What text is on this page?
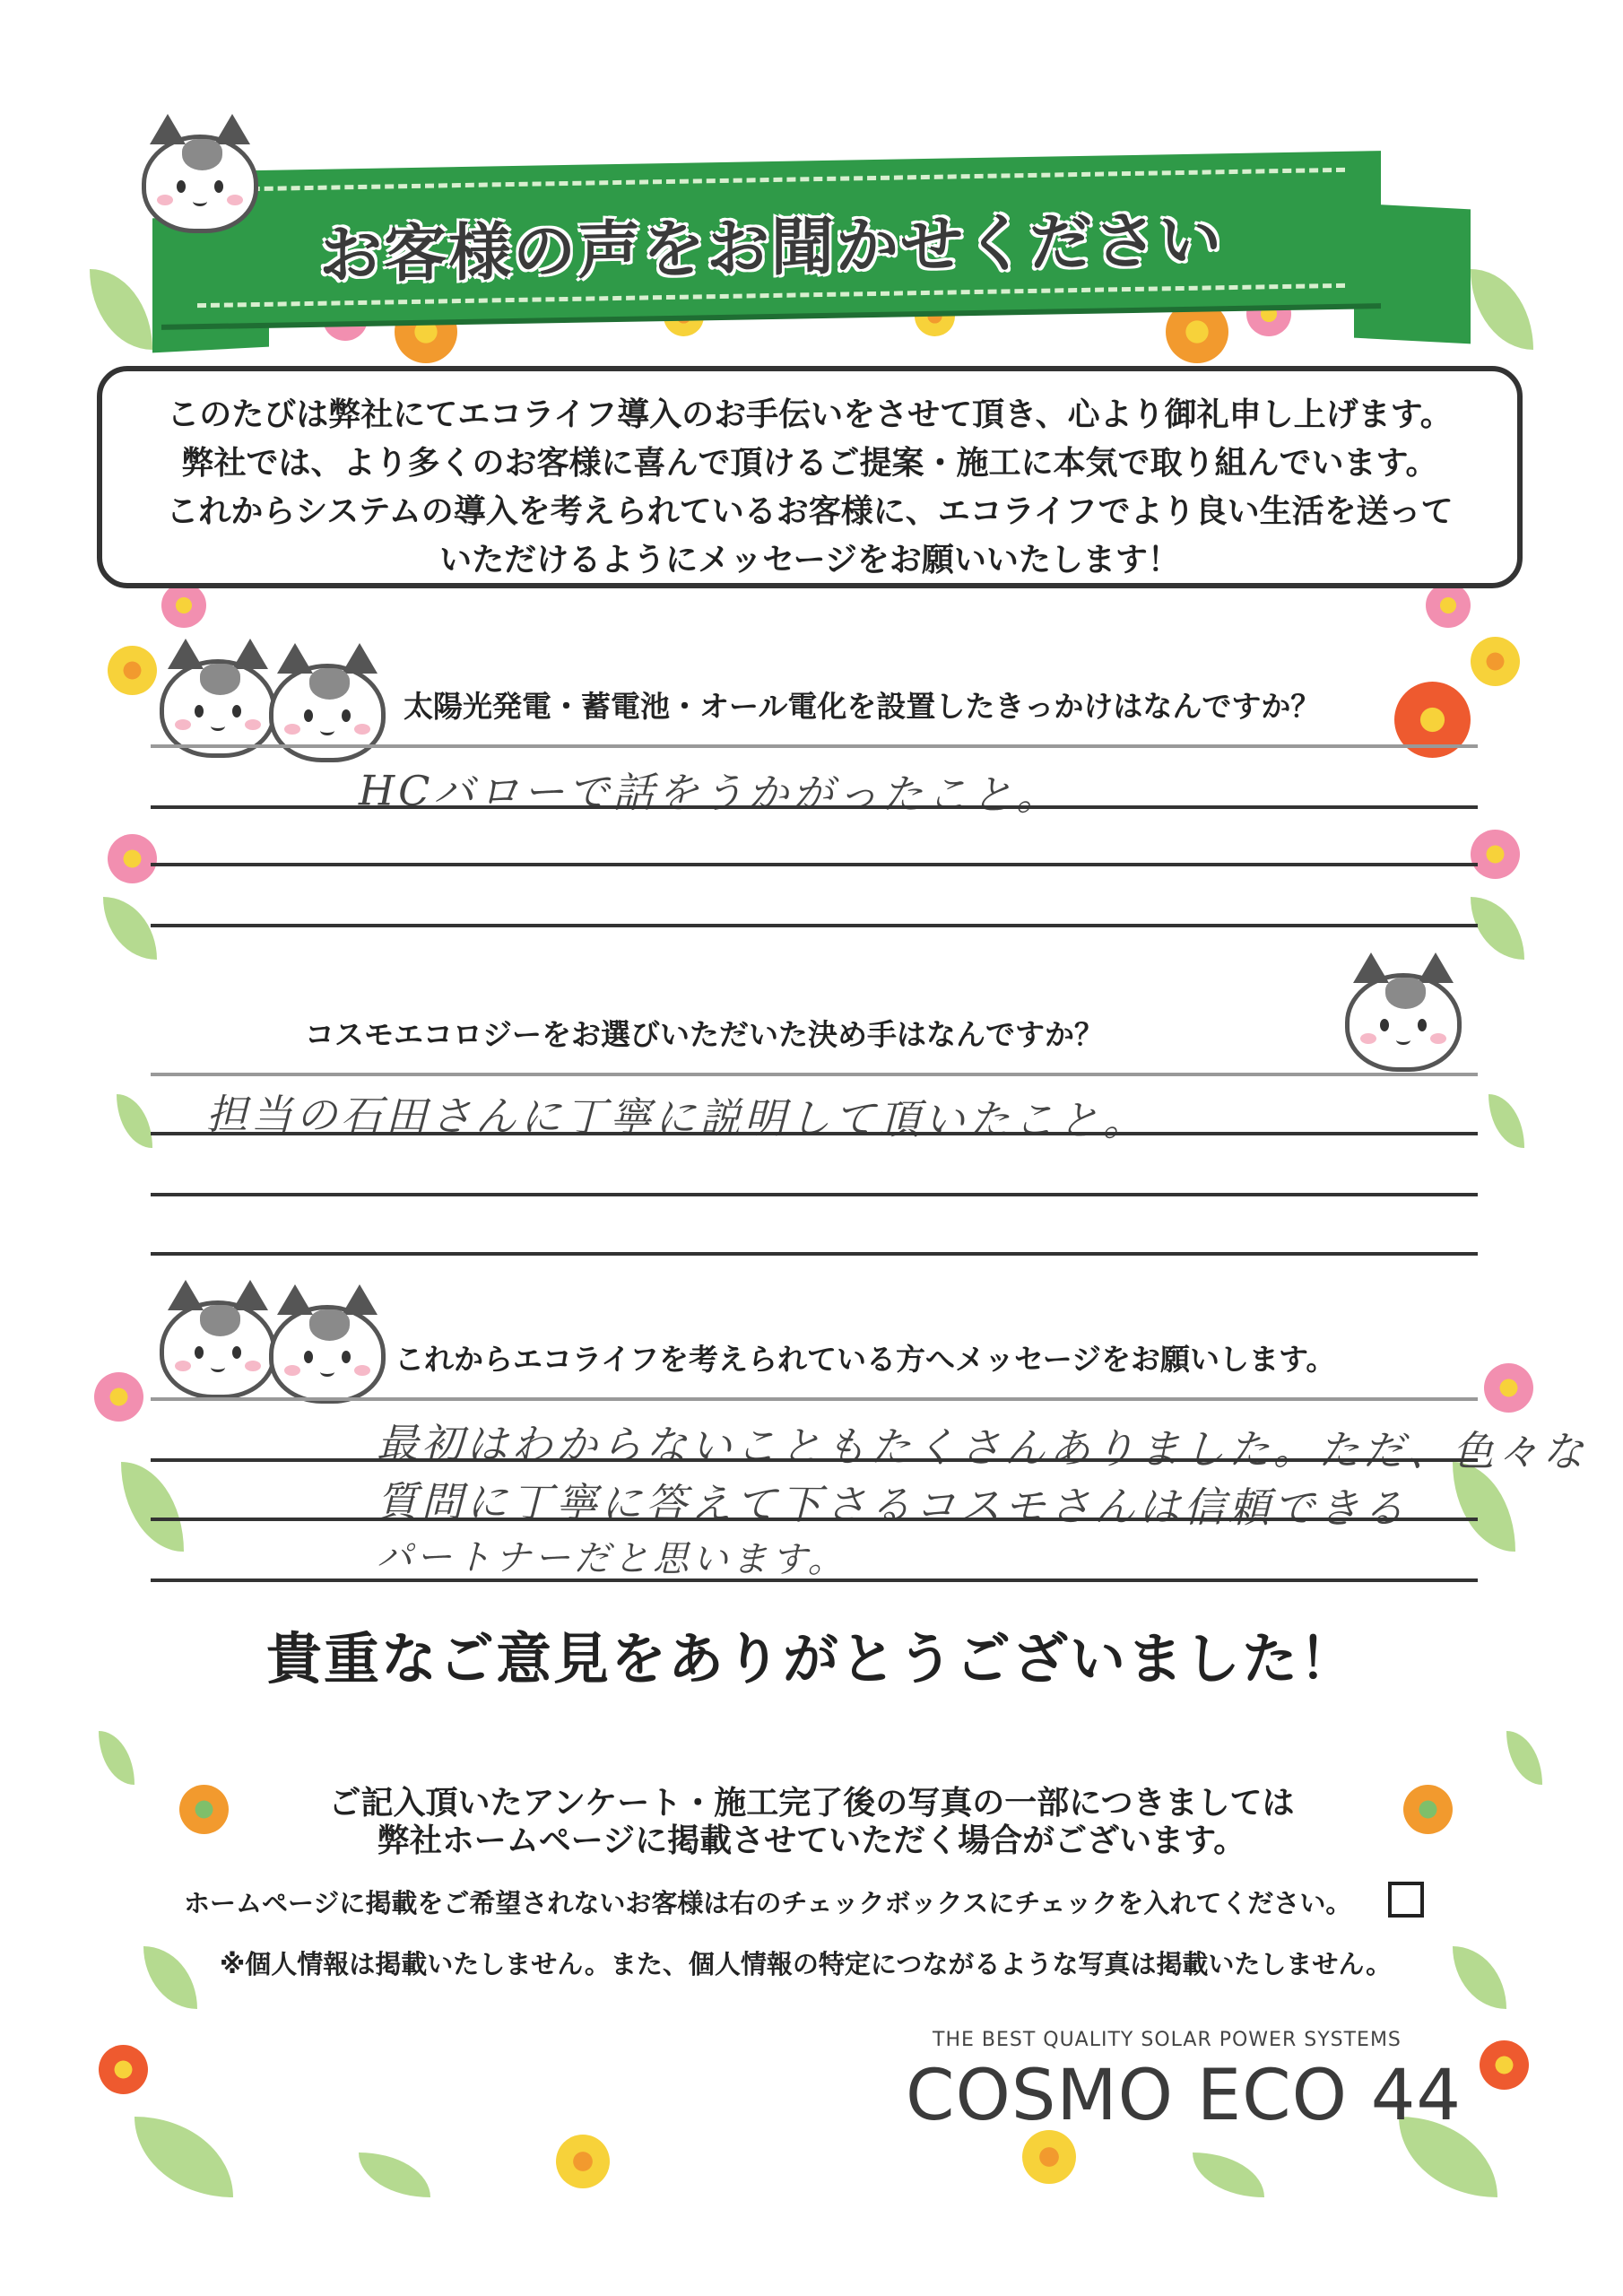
お客様の声をお聞かせください
このたびは弊社にてエコライフ導入のお手伝いをさせて頂き、心より御礼申し上げます。
弊社では、より多くのお客様に喜んで頂けるご提案・施工に本気で取り組んでいます。
これからシステムの導入を考えられているお客様に、エコライフでより良い生活を送って
いただけるようにメッセージをお願いいたします！
太陽光発電・蓄電池・オール電化を設置したきっかけはなんですか？
HCバローで話をうかがったこと。
コスモエコロジーをお選びいただいた決め手はなんですか？
担当の石田さんに丁寧に説明して頂いたこと。
これからエコライフを考えられている方へメッセージをお願いします。
最初はわからないこともたくさんありました。ただ、色々な
質問に丁寧に答えて下さるコスモさんは信頼できる
パートナーだと思います。
貴重なご意見をありがとうございました！
ご記入頂いたアンケート・施工完了後の写真の一部につきましては
弊社ホームページに掲載させていただく場合がございます。
ホームページに掲載をご希望されないお客様は右のチェックボックスにチェックを入れてください。
※個人情報は掲載いたしません。また、個人情報の特定につながるような写真は掲載いたしません。
THE BEST QUALITY SOLAR POWER SYSTEMS
COSMO ECO 44
